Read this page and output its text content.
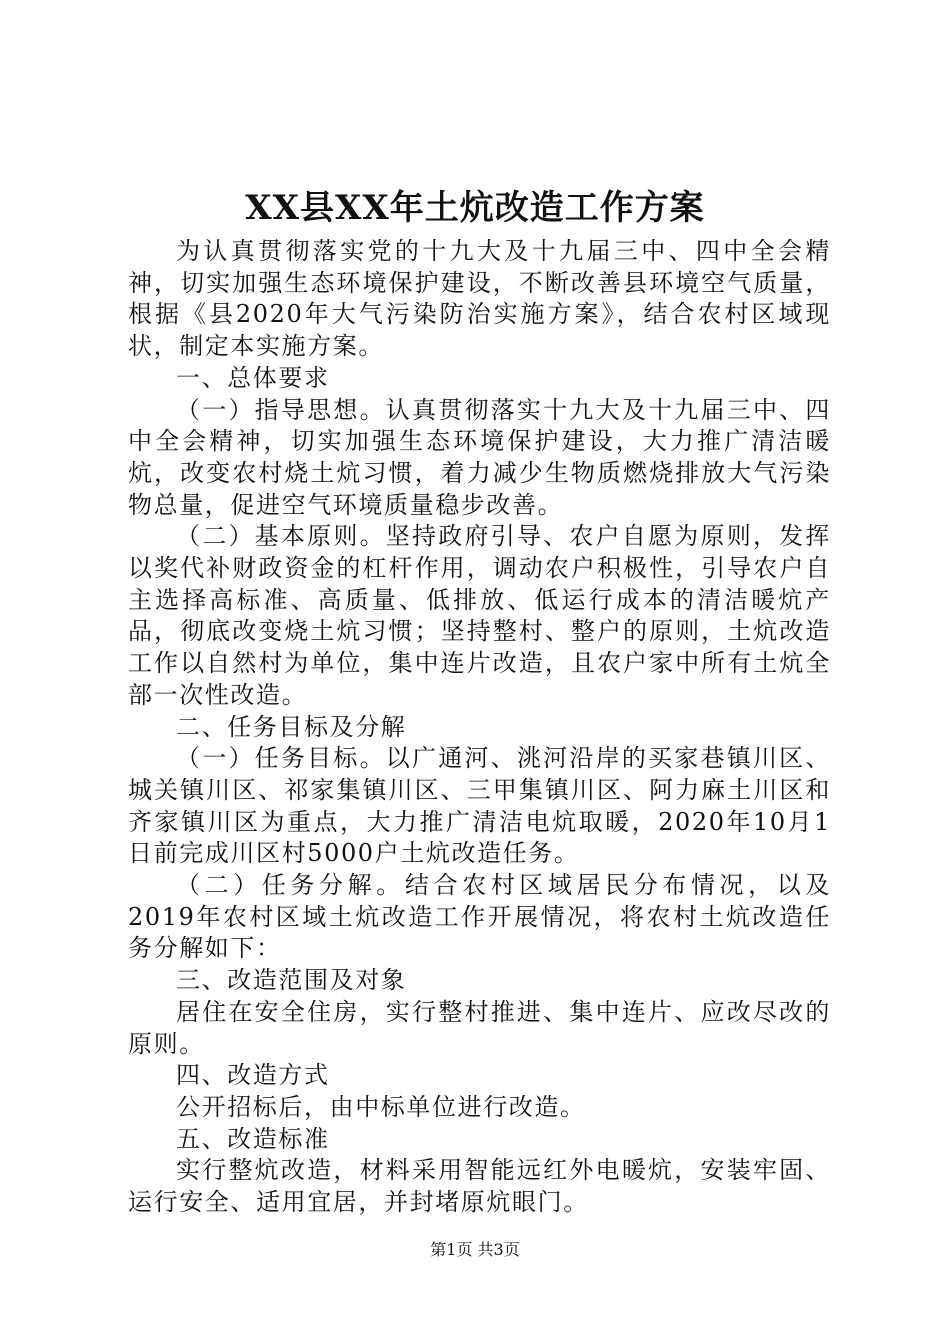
XX县XX年土炕改造工作方案

为认真贯彻落实党的十九大及十九届三中、四中全会精神，切实加强生态环境保护建设，不断改善县环境空气质量，根据《县2020年大气污染防治实施方案》，结合农村区域现状，制定本实施方案。

一、总体要求

（一）指导思想。认真贯彻落实十九大及十九届三中、四中全会精神，切实加强生态环境保护建设，大力推广清洁暖炕，改变农村烧土炕习惯，着力减少生物质燃烧排放大气污染物总量，促进空气环境质量稳步改善。

（二）基本原则。坚持政府引导、农户自愿为原则，发挥以奖代补财政资金的杠杆作用，调动农户积极性，引导农户自主选择高标准、高质量、低排放、低运行成本的清洁暖炕产品，彻底改变烧土炕习惯；坚持整村、整户的原则，土炕改造工作以自然村为单位，集中连片改造，且农户家中所有土炕全部一次性改造。

二、任务目标及分解

（一）任务目标。以广通河、洮河沿岸的买家巷镇川区、城关镇川区、祁家集镇川区、三甲集镇川区、阿力麻土川区和齐家镇川区为重点，大力推广清洁电炕取暖，2020年10月1日前完成川区村5000户土炕改造任务。

（二）任务分解。结合农村区域居民分布情况，以及2019年农村区域土炕改造工作开展情况，将农村土炕改造任务分解如下：

三、改造范围及对象

居住在安全住房，实行整村推进、集中连片、应改尽改的原则。

四、改造方式

公开招标后，由中标单位进行改造。

五、改造标准

实行整炕改造，材料采用智能远红外电暖炕，安装牢固、运行安全、适用宜居，并封堵原炕眼门。

第1页 共3页
